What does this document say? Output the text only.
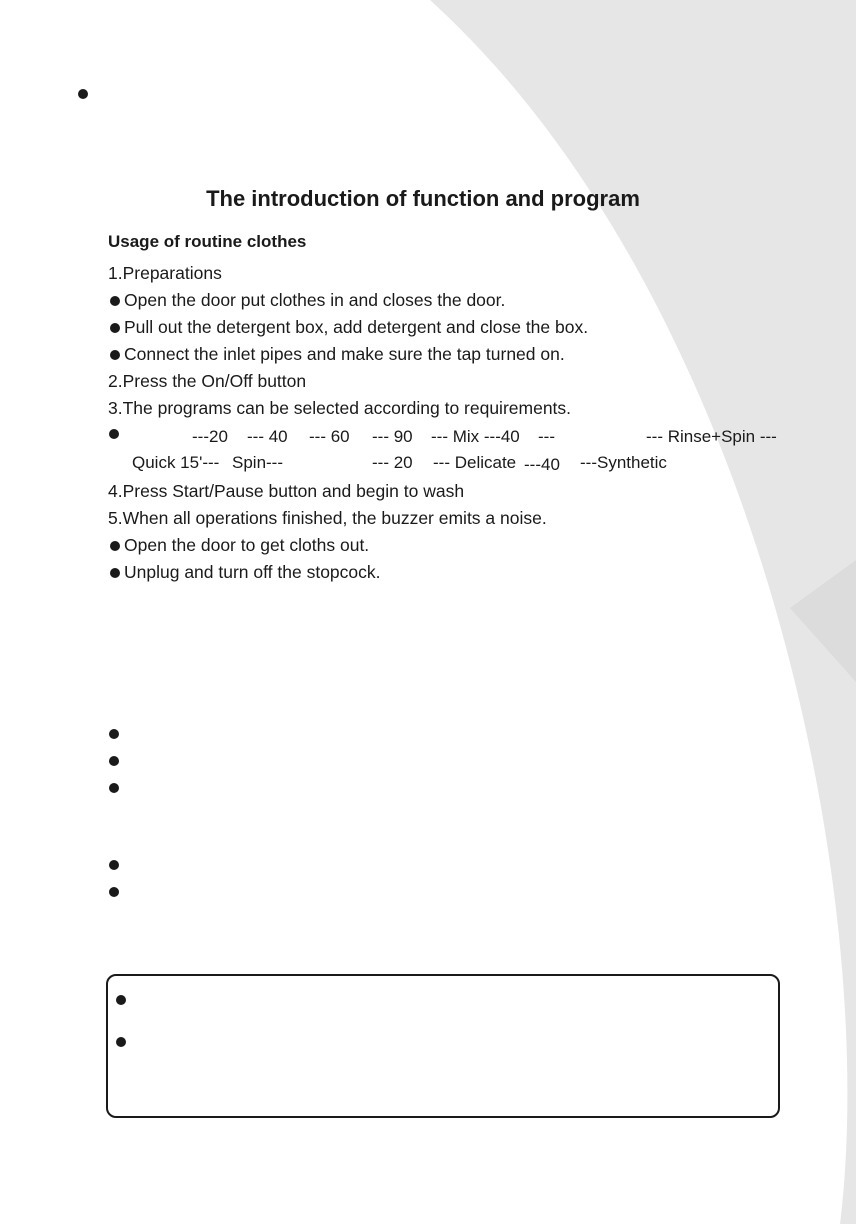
The introduction of function and program
Usage of routine clothes
1.Preparations
Open the door put clothes in and closes the door.
Pull out the detergent box, add detergent and close the box.
Connect the inlet pipes and make sure the tap turned on.
2.Press the On/Off button
3.The programs can be selected according to requirements.
---20 --- 40 --- 60 --- 90 --- Mix ---40 ---	--- Rinse+Spin ---
Quick 15'--- Spin---	--- 20 --- Delicate ---40 ---Synthetic
4.Press Start/Pause button and begin to wash
5.When all operations finished, the buzzer emits a noise.
Open the door to get cloths out.
Unplug and turn off the stopcock.
